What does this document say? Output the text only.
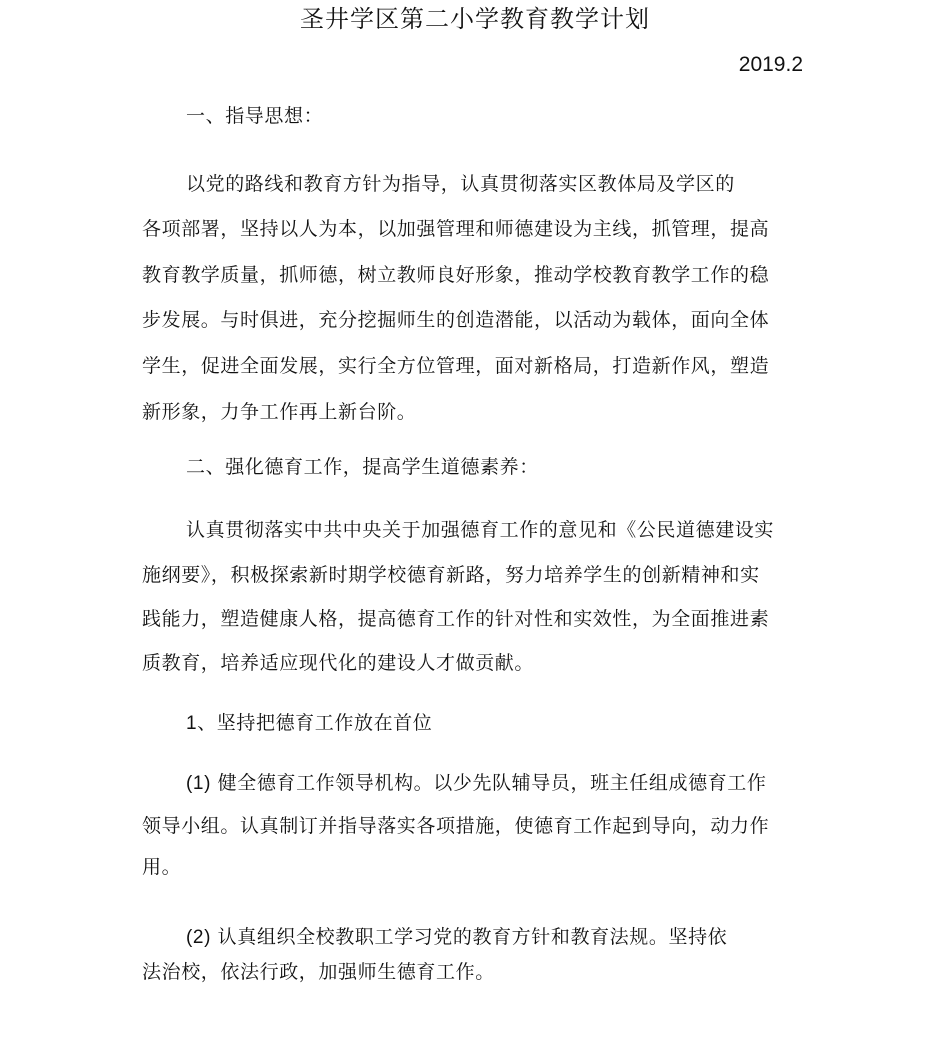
圣井学区第二小学教育教学计划
2019.2
一、指导思想：
以党的路线和教育方针为指导，认真贯彻落实区教体局及学区的
各项部署，坚持以人为本，以加强管理和师德建设为主线，抓管理，提高
教育教学质量，抓师德，树立教师良好形象，推动学校教育教学工作的稳
步发展。与时俱进，充分挖掘师生的创造潜能，以活动为载体，面向全体
学生，促进全面发展，实行全方位管理，面对新格局，打造新作风，塑造
新形象，力争工作再上新台阶。
二、强化德育工作，提高学生道德素养：
认真贯彻落实中共中央关于加强德育工作的意见和《公民道德建设实
施纲要》，积极探索新时期学校德育新路，努力培养学生的创新精神和实
践能力，塑造健康人格，提高德育工作的针对性和实效性，为全面推进素
质教育，培养适应现代化的建设人才做贡献。
1、坚持把德育工作放在首位
(1) 健全德育工作领导机构。以少先队辅导员，班主任组成德育工作
领导小组。认真制订并指导落实各项措施，使德育工作起到导向，动力作
用。
(2) 认真组织全校教职工学习党的教育方针和教育法规。坚持依
法治校，依法行政，加强师生德育工作。
